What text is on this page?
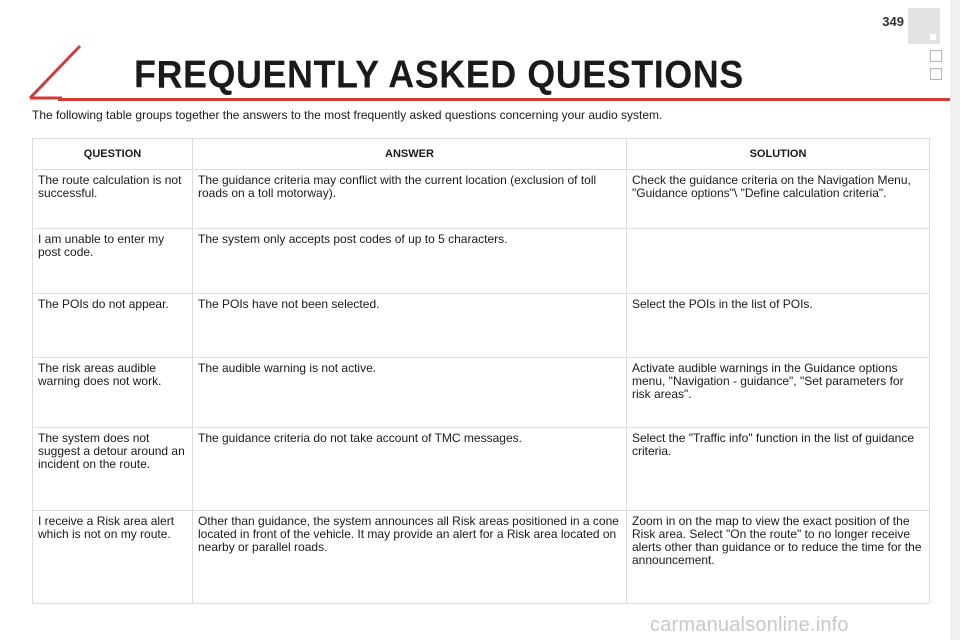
FREQUENTLY ASKED QUESTIONS
349

The following table groups together the answers to the most frequently asked questions concerning your audio system.

QUESTION	ANSWER	SOLUTION
The route calculation is not successful.	The guidance criteria may conflict with the current location (exclusion of toll roads on a toll motorway).	Check the guidance criteria on the Navigation Menu, "Guidance options"\ "Define calculation criteria".
I am unable to enter my post code.	The system only accepts post codes of up to 5 characters.	
The POIs do not appear.	The POIs have not been selected.	Select the POIs in the list of POIs.
The risk areas audible warning does not work.	The audible warning is not active.	Activate audible warnings in the Guidance options menu, "Navigation - guidance", "Set parameters for risk areas".
The system does not suggest a detour around an incident on the route.	The guidance criteria do not take account of TMC messages.	Select the "Traffic info" function in the list of guidance criteria.
I receive a Risk area alert which is not on my route.	Other than guidance, the system announces all Risk areas positioned in a cone located in front of the vehicle. It may provide an alert for a Risk area located on nearby or parallel roads.	Zoom in on the map to view the exact position of the Risk area. Select "On the route" to no longer receive alerts other than guidance or to reduce the time for the announcement.
carmanualsonline.info
